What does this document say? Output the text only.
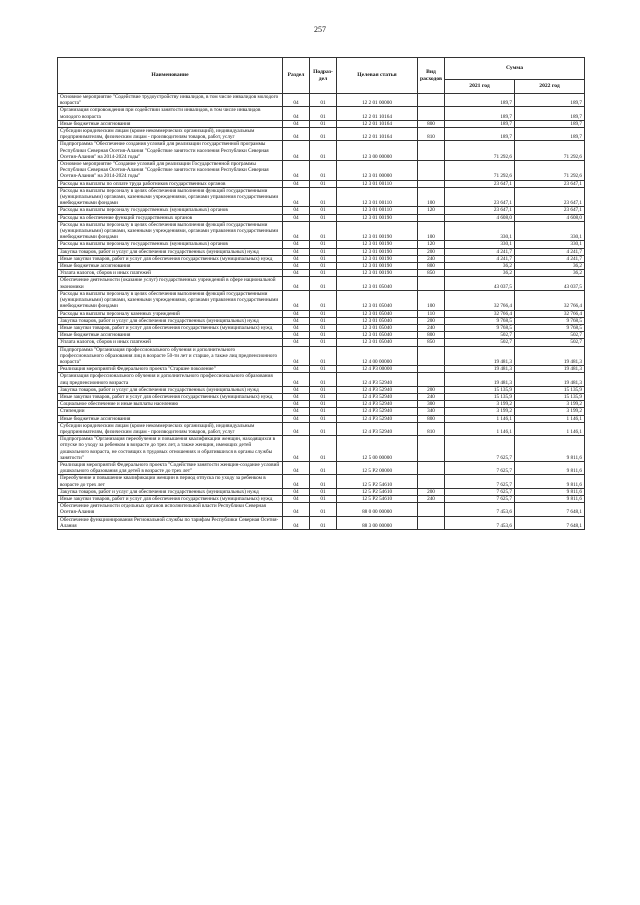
257
Наименование	Раздел	Подраз-дел	Целевая статья	Вид расходов	Сумма	
					2021 год	2022 год
Основное мероприятие "Содействие трудоустройству инвалидов, в том числе инвалидов молодого возраста"	04	01	12 2 01 00000		189,7	189,7
Организация сопровождения при содействии занятости инвалидов, в том числе инвалидов молодого возраста	04	01	12 2 01 10164		189,7	189,7
Иные бюджетные ассигнования	04	01	12 2 01 10164	800	189,7	189,7
Субсидии юридическим лицам (кроме некоммерческих организаций), индивидуальным предпринимателям, физическим лицам - производителям товаров, работ, услуг	04	01	12 2 01 10164	810	189,7	189,7
Подпрограмма "Обеспечение создания условий для реализации государственной программы Республики Северная Осетия-Алания "Содействие занятости населения Республики Северная Осетия-Алания" на 2014-2024 годы"	04	01	12 3 00 00000		71 292,6	71 292,6
Основное мероприятие "Создание условий для реализации Государственной программы Республики Северная Осетия-Алания "Содействие занятости населения Республики Северная Осетия-Алания" на 2014-2024 годы"	04	01	12 3 01 00000		71 292,6	71 292,6
Расходы на выплаты по оплате труда работников государственных органов	04	01	12 3 01 00110		23 647,1	23 647,1
Расходы на выплаты персоналу в целях обеспечения выполнения функций государственными (муниципальными) органами, казенными учреждениями, органами управления государственными внебюджетными фондами	04	01	12 3 01 00110	100	23 647,1	23 647,1
Расходы на выплаты персоналу государственных (муниципальных) органов	04	01	12 3 01 00110	120	23 647,1	23 647,1
Расходы на обеспечение функций государственных органов	04	01	12 3 01 00190		4 608,0	4 608,0
Расходы на выплаты персоналу в целях обеспечения выполнения функций государственными (муниципальными) органами, казенными учреждениями, органами управления государственными внебюджетными фондами	04	01	12 3 01 00190	100	330,1	330,1
Расходы на выплаты персоналу государственных (муниципальных) органов	04	01	12 3 01 00190	120	330,1	330,1
Закупка товаров, работ и услуг для обеспечения государственных (муниципальных) нужд	04	01	12 3 01 00190	200	4 241,7	4 241,7
Иные закупки товаров, работ и услуг для обеспечения государственных (муниципальных) нужд	04	01	12 3 01 00190	240	4 241,7	4 241,7
Иные бюджетные ассигнования	04	01	12 3 01 00190	800	36,2	36,2
Уплата налогов, сборов и иных платежей	04	01	12 3 01 00190	850	36,2	36,2
Обеспечение деятельности (оказание услуг) государственных учреждений в сфере национальной экономики	04	01	12 3 01 05040		43 037,5	43 037,5
Расходы на выплаты персоналу в целях обеспечения выполнения функций государственными (муниципальными) органами, казенными учреждениями, органами управления государственными внебюджетными фондами	04	01	12 3 01 05040	100	32 766,4	32 766,4
Расходы на выплаты персоналу казенных учреждений	04	01	12 3 01 05040	110	32 766,4	32 766,4
Закупка товаров, работ и услуг для обеспечения государственных (муниципальных) нужд	04	01	12 3 01 05040	200	9 768,5	9 768,5
Иные закупки товаров, работ и услуг для обеспечения государственных (муниципальных) нужд	04	01	12 3 01 05040	240	9 768,5	9 768,5
Иные бюджетные ассигнования	04	01	12 3 01 05040	800	502,7	502,7
Уплата налогов, сборов и иных платежей	04	01	12 3 01 05040	850	502,7	502,7
Подпрограмма "Организация профессионального обучения и дополнительного профессионального образования лиц в возрасте 50-ти лет и старше, а также лиц предпенсионного возраста"	04	01	12 4 00 00000		19 481,3	19 481,3
Реализация мероприятий Федерального проекта "Старшее поколение"	04	01	12 4 P3 00000		19 481,3	19 481,3
Организация профессионального обучения и дополнительного профессионального образования лиц предпенсионного возраста	04	01	12 4 P3 52940		19 481,3	19 481,3
Закупка товаров, работ и услуг для обеспечения государственных (муниципальных) нужд	04	01	12 4 P3 52940	200	15 135,9	15 135,9
Иные закупки товаров, работ и услуг для обеспечения государственных (муниципальных) нужд	04	01	12 4 P3 52940	240	15 135,9	15 135,9
Социальное обеспечение и иные выплаты населению	04	01	12 4 P3 52940	300	3 199,2	3 199,2
Стипендии	04	01	12 4 P3 52940	340	3 199,2	3 199,2
Иные бюджетные ассигнования	04	01	12 4 P3 52940	800	1 146,1	1 146,1
Субсидии юридическим лицам (кроме некоммерческих организаций), индивидуальным предпринимателям, физическим лицам - производителям товаров, работ, услуг	04	01	12 4 P3 52940	810	1 146,1	1 146,1
Подпрограмма "Организация переобучения и повышения квалификации женщин, находящихся в отпуске по уходу за ребенком в возрасте до трех лет, а также женщин, имеющих детей дошкольного возраста, не состоящих в трудовых отношениях и обратившихся в органы службы занятости"	04	01	12 5 00 00000		7 625,7	9 811,6
Реализация мероприятий Федерального проекта "Содействие занятости женщин-создание условий дошкольного образования для детей в возрасте до трех лет"	04	01	12 5 P2 00000		7 625,7	9 811,6
Переобучение и повышение квалификации женщин в период отпуска по уходу за ребенком в возрасте до трех лет	04	01	12 5 P2 54610		7 625,7	9 811,6
Закупка товаров, работ и услуг для обеспечения государственных (муниципальных) нужд	04	01	12 5 P2 54610	200	7 625,7	9 811,6
Иные закупки товаров, работ и услуг для обеспечения государственных (муниципальных) нужд	04	01	12 5 P2 54610	240	7 625,7	9 811,6
Обеспечение деятельности отдельных органов исполнительной власти Республики Северная Осетия-Алания	04	01	88 0 00 00000		7 453,6	7 648,1
Обеспечение функционирования Региональной службы по тарифам Республики Северная Осетия-Алания	04	01	88 3 00 00000		7 453,6	7 648,1
